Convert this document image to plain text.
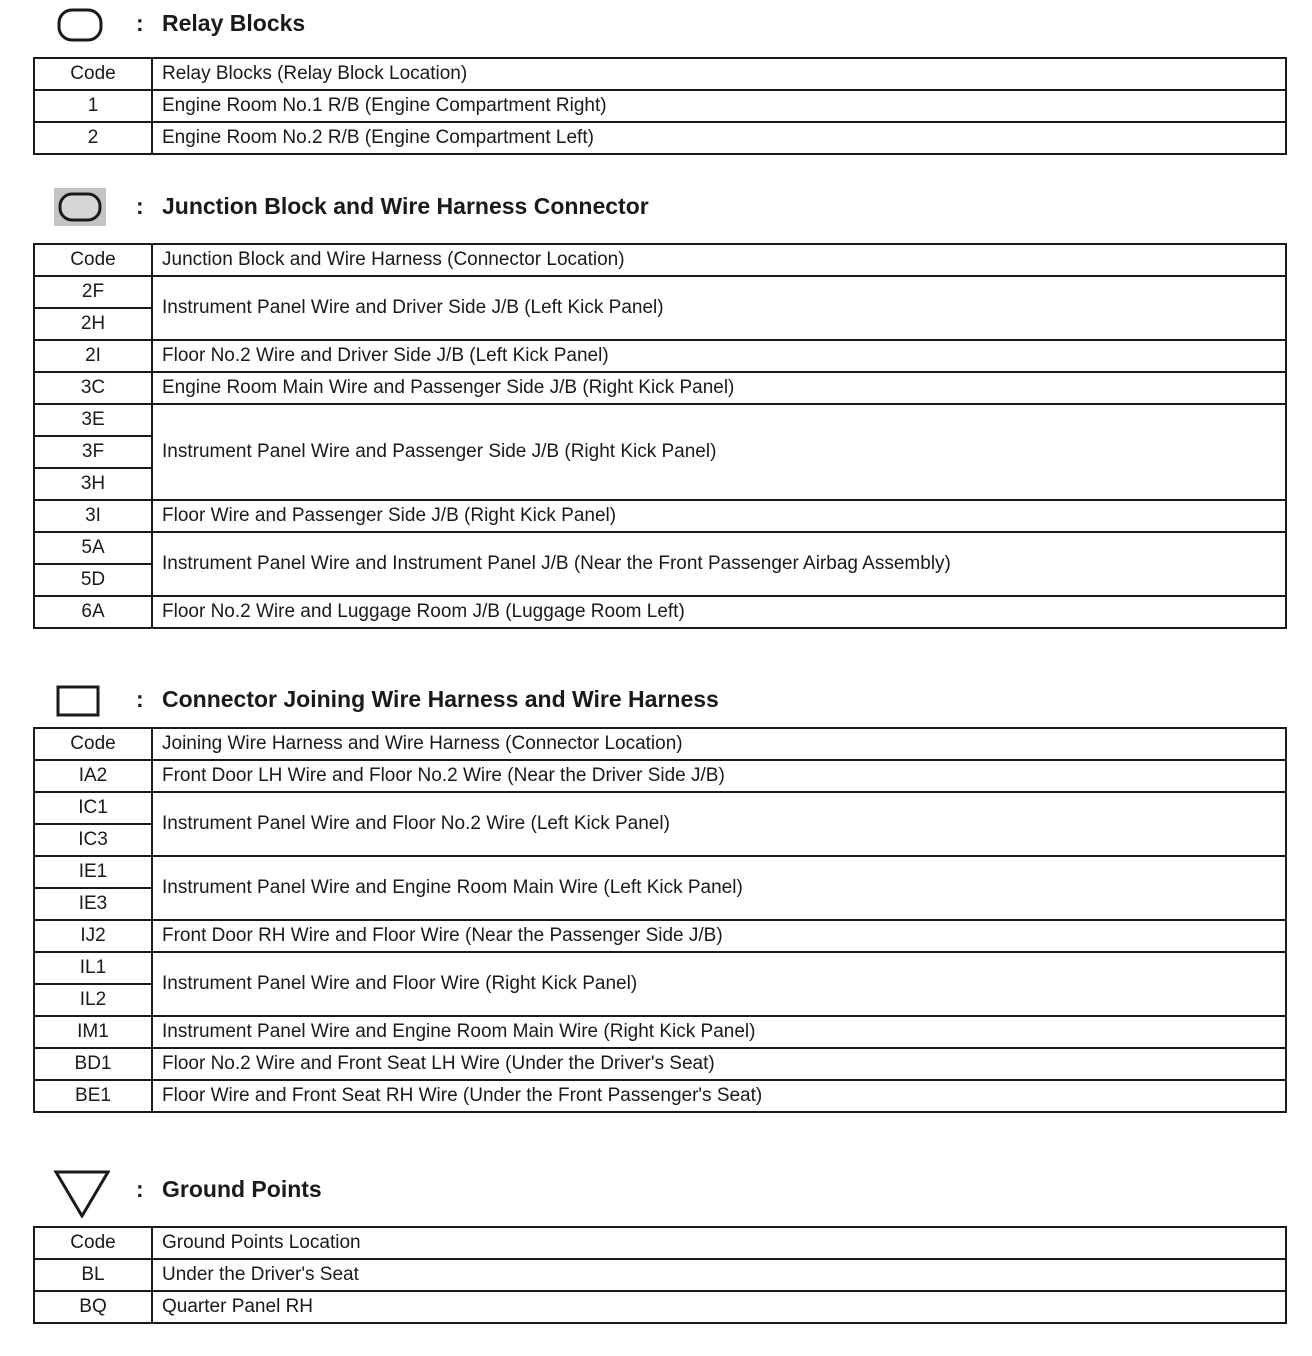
: Relay Blocks
Code	Relay Blocks (Relay Block Location)
1	Engine Room No.1 R/B (Engine Compartment Right)
2	Engine Room No.2 R/B (Engine Compartment Left)
: Junction Block and Wire Harness Connector
Code	Junction Block and Wire Harness (Connector Location)
2F	Instrument Panel Wire and Driver Side J/B (Left Kick Panel)
2H	
2I	Floor No.2 Wire and Driver Side J/B (Left Kick Panel)
3C	Engine Room Main Wire and Passenger Side J/B (Right Kick Panel)
3E	Instrument Panel Wire and Passenger Side J/B (Right Kick Panel)
3F	
3H	
3I	Floor Wire and Passenger Side J/B (Right Kick Panel)
5A	Instrument Panel Wire and Instrument Panel J/B (Near the Front Passenger Airbag Assembly)
5D	
6A	Floor No.2 Wire and Luggage Room J/B (Luggage Room Left)
: Connector Joining Wire Harness and Wire Harness
Code	Joining Wire Harness and Wire Harness (Connector Location)
IA2	Front Door LH Wire and Floor No.2 Wire (Near the Driver Side J/B)
IC1	Instrument Panel Wire and Floor No.2 Wire (Left Kick Panel)
IC3	
IE1	Instrument Panel Wire and Engine Room Main Wire (Left Kick Panel)
IE3	
IJ2	Front Door RH Wire and Floor Wire (Near the Passenger Side J/B)
IL1	Instrument Panel Wire and Floor Wire (Right Kick Panel)
IL2	
IM1	Instrument Panel Wire and Engine Room Main Wire (Right Kick Panel)
BD1	Floor No.2 Wire and Front Seat LH Wire (Under the Driver's Seat)
BE1	Floor Wire and Front Seat RH Wire (Under the Front Passenger's Seat)
: Ground Points
Code	Ground Points Location
BL	Under the Driver's Seat
BQ	Quarter Panel RH
